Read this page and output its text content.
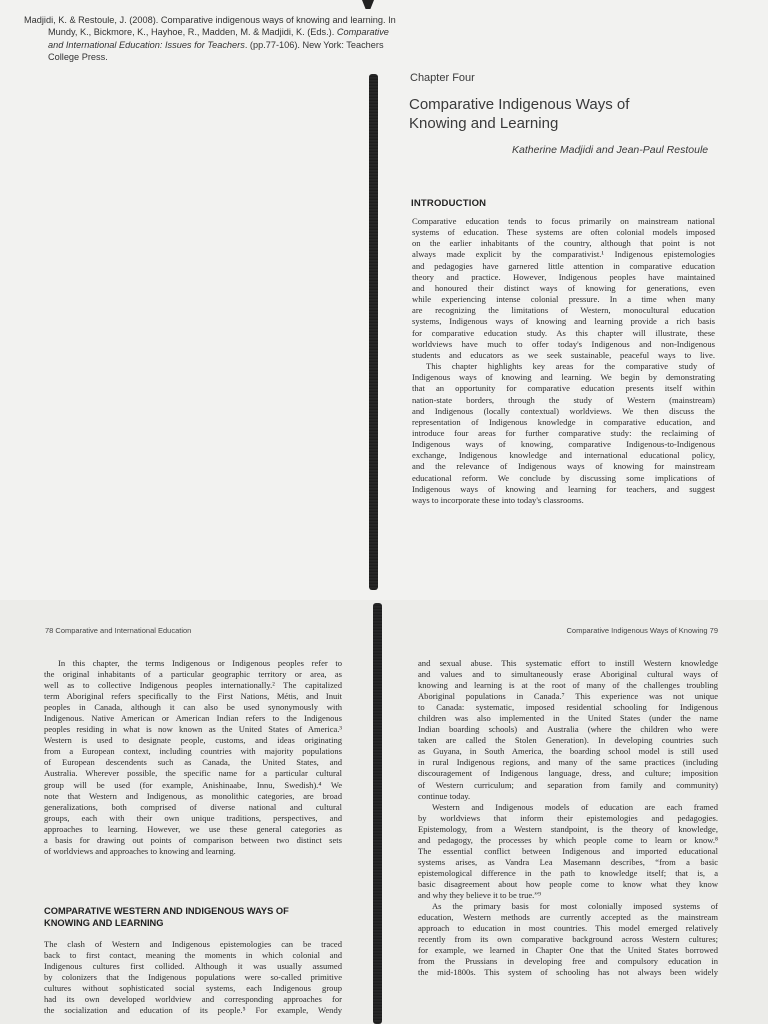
Madjidi, K. & Restoule, J. (2008). Comparative indigenous ways of knowing and learning. In
Mundy, K., Bickmore, K., Hayhoe, R., Madden, M. & Madjidi, K. (Eds.). Comparative
and International Education: Issues for Teachers. (pp.77-106). New York: Teachers
College Press.
Chapter Four
Comparative Indigenous Ways of
Knowing and Learning
Katherine Madjidi and Jean-Paul Restoule
INTRODUCTION
Comparative education tends to focus primarily on mainstream national
systems of education. These systems are often colonial models imposed
on the earlier inhabitants of the country, although that point is not
always made explicit by the comparativist.¹ Indigenous epistemologies
and pedagogies have garnered little attention in comparative education
theory and practice. However, Indigenous peoples have maintained
and honoured their distinct ways of knowing for generations, even
while experiencing intense colonial pressure. In a time when many
are recognizing the limitations of Western, monocultural education
systems, Indigenous ways of knowing and learning provide a rich basis
for comparative education study. As this chapter will illustrate, these
worldviews have much to offer today's Indigenous and non-Indigenous
students and educators as we seek sustainable, peaceful ways to live.
This chapter highlights key areas for the comparative study of
Indigenous ways of knowing and learning. We begin by demonstrating
that an opportunity for comparative education presents itself within
nation-state borders, through the study of Western (mainstream)
and Indigenous (locally contextual) worldviews. We then discuss the
representation of Indigenous knowledge in comparative education, and
introduce four areas for further comparative study: the reclaiming of
Indigenous ways of knowing, comparative Indigenous-to-Indigenous
exchange, Indigenous knowledge and international educational policy,
and the relevance of Indigenous ways of knowing for mainstream
educational reform. We conclude by discussing some implications of
Indigenous ways of knowing and learning for teachers, and suggest
ways to incorporate these into today's classrooms.
78 Comparative and International Education
In this chapter, the terms Indigenous or Indigenous peoples refer to
the original inhabitants of a particular geographic territory or area, as
well as to collective Indigenous peoples internationally.² The capitalized
term Aboriginal refers specifically to the First Nations, Métis, and Inuit
peoples in Canada, although it can also be used synonymously with
Indigenous. Native American or American Indian refers to the Indigenous
peoples residing in what is now known as the United States of America.³
Western is used to designate people, customs, and ideas originating
from a European context, including countries with majority populations
of European descendents such as Canada, the United States, and
Australia. Wherever possible, the specific name for a particular cultural
group will be used (for example, Anishinaabe, Innu, Swedish).⁴ We
note that Western and Indigenous, as monolithic categories, are broad
generalizations, both comprised of diverse national and cultural
groups, each with their own unique traditions, perspectives, and
approaches to learning. However, we use these general categories as
a basis for drawing out points of comparison between two distinct sets
of worldviews and approaches to knowing and learning.
COMPARATIVE WESTERN AND INDIGENOUS WAYS OF
KNOWING AND LEARNING
The clash of Western and Indigenous epistemologies can be traced
back to first contact, meaning the moments in which colonial and
Indigenous cultures first collided. Although it was usually assumed
by colonizers that the Indigenous populations were so-called primitive
cultures without sophisticated social systems, each Indigenous group
had its own developed worldview and corresponding approaches for
the socialization and education of its people.⁵ For example, Wendy
Comparative Indigenous Ways of Knowing 79
and sexual abuse. This systematic effort to instill Western knowledge
and values and to simultaneously erase Aboriginal cultural ways of
knowing and learning is at the root of many of the challenges troubling
Aboriginal populations in Canada.⁷ This experience was not unique
to Canada: systematic, imposed residential schooling for Indigenous
children was also implemented in the United States (under the name
Indian boarding schools) and Australia (where the children who were
taken are called the Stolen Generation). In developing countries such
as Guyana, in South America, the boarding school model is still used
in rural Indigenous regions, and many of the same practices (including
discouragement of Indigenous language, dress, and culture; imposition
of Western curriculum; and separation from family and community)
continue today.
Western and Indigenous models of education are each framed
by worldviews that inform their epistemologies and pedagogies.
Epistemology, from a Western standpoint, is the theory of knowledge,
and pedagogy, the processes by which people come to learn or know.⁸
The essential conflict between Indigenous and imported educational
systems arises, as Vandra Lea Masemann describes, “from a basic
epistemological difference in the path to knowledge itself; that is, a
basic disagreement about how people come to know what they know
and why they believe it to be true.”⁹
As the primary basis for most colonially imposed systems of
education, Western methods are currently accepted as the mainstream
approach to education in most countries. This model emerged relatively
recently from its own comparative background across Western cultures;
for example, we learned in Chapter One that the United States borrowed
from the Prussians in developing free and compulsory education in
the mid-1800s. This system of schooling has not always been widely
